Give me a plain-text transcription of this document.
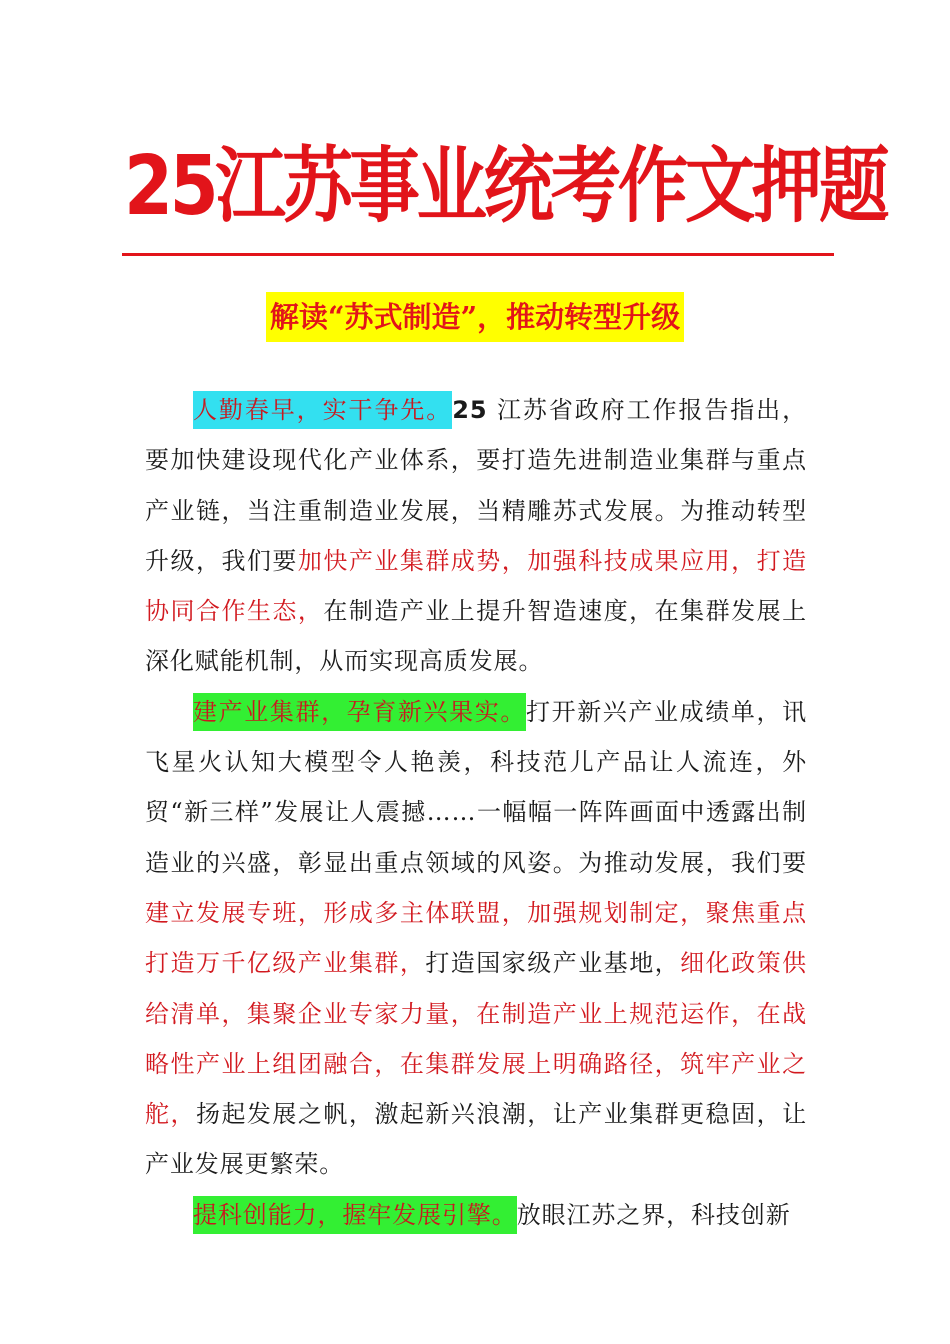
25江苏事业统考作文押题
解读“苏式制造”，推动转型升级

人勤春早，实干争先。25 江苏省政府工作报告指出，要加快建设现代化产业体系，要打造先进制造业集群与重点产业链，当注重制造业发展，当精雕苏式发展。为推动转型升级，我们要加快产业集群成势，加强科技成果应用，打造协同合作生态，在制造产业上提升智造速度，在集群发展上深化赋能机制，从而实现高质发展。

建产业集群，孕育新兴果实。打开新兴产业成绩单，讯飞星火认知大模型令人艳羡，科技范儿产品让人流连，外贸“新三样”发展让人震撼……一幅幅一阵阵画面中透露出制造业的兴盛，彰显出重点领域的风姿。为推动发展，我们要建立发展专班，形成多主体联盟，加强规划制定，聚焦重点打造万千亿级产业集群，打造国家级产业基地，细化政策供给清单，集聚企业专家力量，在制造产业上规范运作，在战略性产业上组团融合，在集群发展上明确路径，筑牢产业之舵，扬起发展之帆，激起新兴浪潮，让产业集群更稳固，让产业发展更繁荣。

提科创能力，握牢发展引擎。放眼江苏之界，科技创新
